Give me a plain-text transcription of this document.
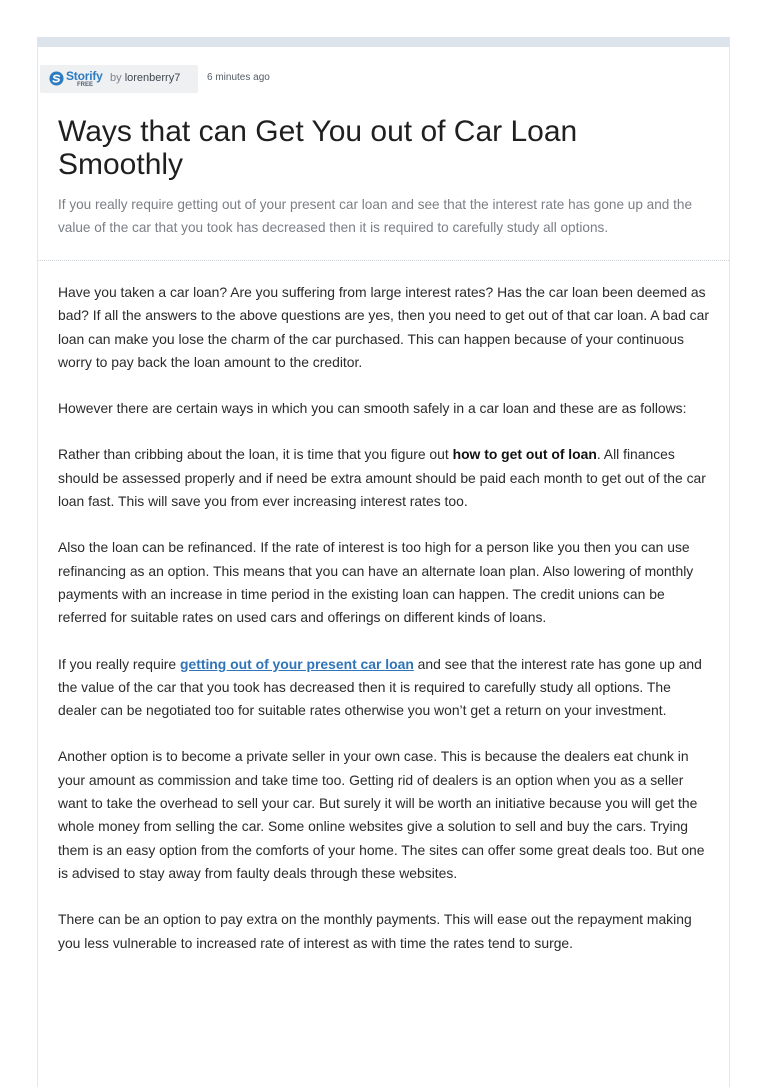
Storify
FREE
by lorenberry7	6 minutes ago
Ways that can Get You out of Car Loan Smoothly

If you really require getting out of your present car loan and see that the interest rate has gone up and the value of the car that you took has decreased then it is required to carefully study all options.

Have you taken a car loan? Are you suffering from large interest rates? Has the car loan been deemed as bad? If all the answers to the above questions are yes, then you need to get out of that car loan. A bad car loan can make you lose the charm of the car purchased. This can happen because of your continuous worry to pay back the loan amount to the creditor.

However there are certain ways in which you can smooth safely in a car loan and these are as follows:

Rather than cribbing about the loan, it is time that you figure out how to get out of loan. All finances should be assessed properly and if need be extra amount should be paid each month to get out of the car loan fast. This will save you from ever increasing interest rates too.

Also the loan can be refinanced. If the rate of interest is too high for a person like you then you can use refinancing as an option. This means that you can have an alternate loan plan. Also lowering of monthly payments with an increase in time period in the existing loan can happen. The credit unions can be referred for suitable rates on used cars and offerings on different kinds of loans.

If you really require getting out of your present car loan and see that the interest rate has gone up and the value of the car that you took has decreased then it is required to carefully study all options. The dealer can be negotiated too for suitable rates otherwise you won’t get a return on your investment.

Another option is to become a private seller in your own case. This is because the dealers eat chunk in your amount as commission and take time too. Getting rid of dealers is an option when you as a seller want to take the overhead to sell your car. But surely it will be worth an initiative because you will get the whole money from selling the car. Some online websites give a solution to sell and buy the cars. Trying them is an easy option from the comforts of your home. The sites can offer some great deals too. But one is advised to stay away from faulty deals through these websites.

There can be an option to pay extra on the monthly payments. This will ease out the repayment making you less vulnerable to increased rate of interest as with time the rates tend to surge.
